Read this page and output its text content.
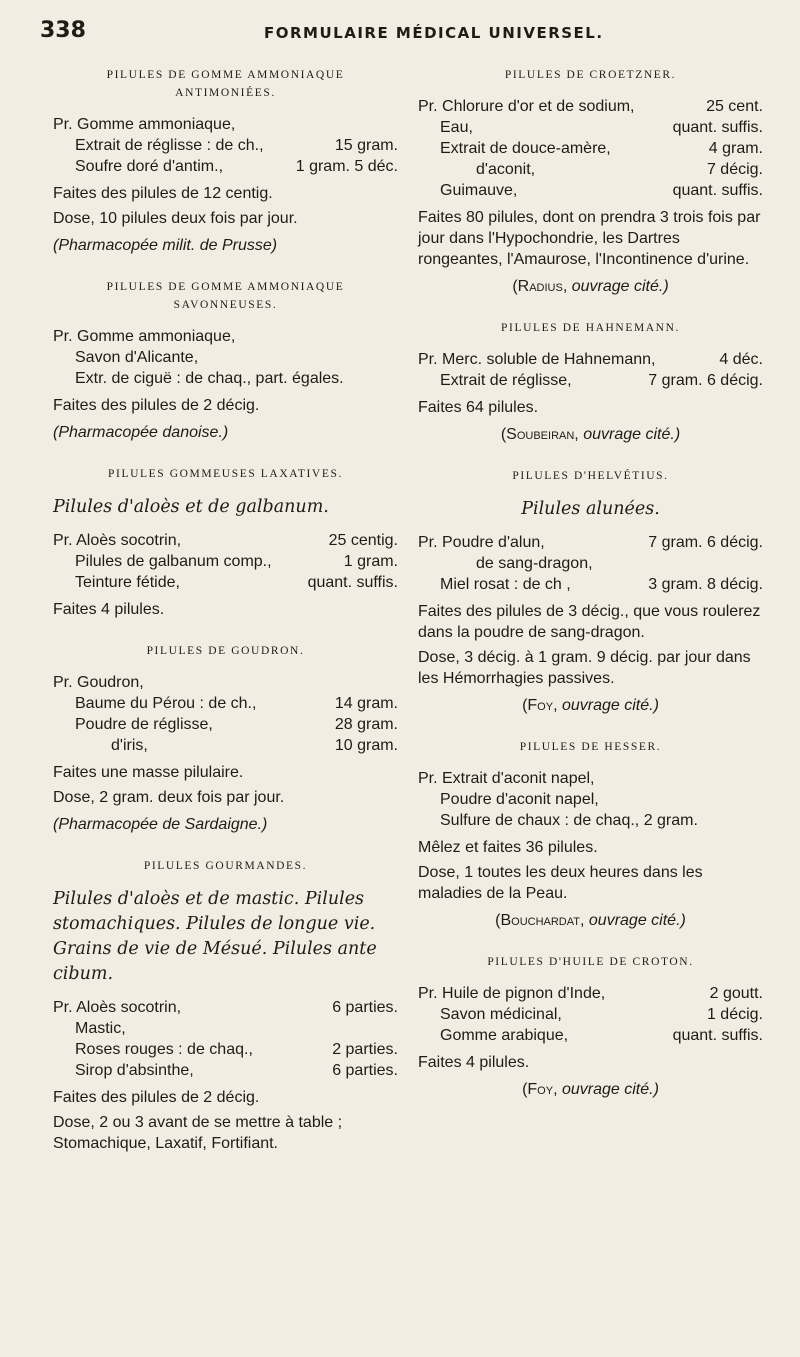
338	FORMULAIRE MÉDICAL UNIVERSEL.
PILULES DE GOMME AMMONIAQUE
ANTIMONIÉES.
Pr. Gomme ammoniaque,
Extrait de réglisse : de ch.,	15 gram.
Soufre doré d'antim.,	1 gram. 5 déc.

Faites des pilules de 12 centig.

Dose, 10 pilules deux fois par jour.

(Pharmacopée milit. de Prusse)

PILULES DE GOMME AMMONIAQUE
SAVONNEUSES.
Pr. Gomme ammoniaque,
Savon d'Alicante,
Extr. de ciguë : de chaq., part. égales.

Faites des pilules de 2 décig.

(Pharmacopée danoise.)

PILULES GOMMEUSES LAXATIVES.
Pilules d'aloès et de galbanum.
Pr. Aloès socotrin,	25 centig.
Pilules de galbanum comp.,	1 gram.
Teinture fétide,	quant. suffis.

Faites 4 pilules.

PILULES DE GOUDRON.
Pr. Goudron,
Baume du Pérou : de ch.,	14 gram.
Poudre de réglisse,	28 gram.
d'iris,	10 gram.

Faites une masse pilulaire.

Dose, 2 gram. deux fois par jour.

(Pharmacopée de Sardaigne.)

PILULES GOURMANDES.
Pilules d'aloès et de mastic. Pilules stomachiques. Pilules de longue vie. Grains de vie de Mésué. Pilules ante cibum.
Pr. Aloès socotrin,	6 parties.
Mastic,
Roses rouges : de chaq.,	2 parties.
Sirop d'absinthe,	6 parties.

Faites des pilules de 2 décig.

Dose, 2 ou 3 avant de se mettre à table ; Stomachique, Laxatif, Fortifiant.

PILULES DE CROETZNER.
Pr. Chlorure d'or et de sodium,	25 cent.
Eau,	quant. suffis.
Extrait de douce-amère,	4 gram.
d'aconit,	7 décig.
Guimauve,	quant. suffis.

Faites 80 pilules, dont on prendra 3 trois fois par jour dans l'Hypochondrie, les Dartres rongeantes, l'Amaurose, l'Incontinence d'urine.

(Radius, ouvrage cité.)

PILULES DE HAHNEMANN.
Pr. Merc. soluble de Hahnemann,	4 déc.
Extrait de réglisse,	7 gram. 6 décig.

Faites 64 pilules.

(Soubeiran, ouvrage cité.)

PILULES D'HELVÉTIUS.
Pilules alunées.
Pr. Poudre d'alun,	7 gram. 6 décig.
de sang-dragon,
Miel rosat : de ch ,	3 gram. 8 décig.

Faites des pilules de 3 décig., que vous roulerez dans la poudre de sang-dragon.

Dose, 3 décig. à 1 gram. 9 décig. par jour dans les Hémorrhagies passives.

(Foy, ouvrage cité.)

PILULES DE HESSER.
Pr. Extrait d'aconit napel,
Poudre d'aconit napel,
Sulfure de chaux : de chaq., 2 gram.

Mêlez et faites 36 pilules.

Dose, 1 toutes les deux heures dans les maladies de la Peau.

(Bouchardat, ouvrage cité.)

PILULES D'HUILE DE CROTON.
Pr. Huile de pignon d'Inde,	2 goutt.
Savon médicinal,	1 décig.
Gomme arabique,	quant. suffis.

Faites 4 pilules.

(Foy, ouvrage cité.)
